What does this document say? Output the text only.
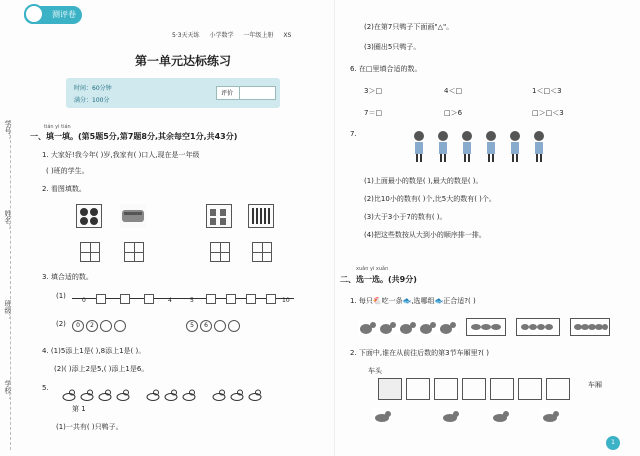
学校：
班级：
姓名：
学号：
测评卷
5·3天天练 小学数学 一年级上册 XS
第一单元达标练习
时间：60分钟
满分：100分
评价
tián yi tián
一、填一填。(第5题5分,第7题8分,其余每空1分,共43分)
1. 大家好!我今年( )岁,我家有( )口人,现在是一年级
( )班的学生。
2. 看图填数。
3. 填合适的数。
(1)
0	4	5	10
(2)	0	2	5	6
4. (1)5添上1是( ),8添上1是( )。
(2)( )添上2是5,( )添上1是6。
5.
第 1
(1)一共有( )只鸭子。
(2)在第7只鸭子下面画"△"。
(3)圈出5只鸭子。
6. 在□里填合适的数。
3＞□	4＜□	1＜□＜3
7＝□	□＞6	□＞□＜3
7.
(1)上面最小的数是( ),最大的数是( )。
(2)比10小的数有( )个,比5大的数有( )个。
(3)大于3小于7的数有( )。
(4)把这些数按从大到小的顺序排一排。
xuǎn yi xuǎn
二、选一选。(共9分)
1. 每只🐔吃一条🐟,选哪组🐟正合适?( )
2. 下面中,谁在从前往后数的第3节车厢里?( )
车头
车厢
1
